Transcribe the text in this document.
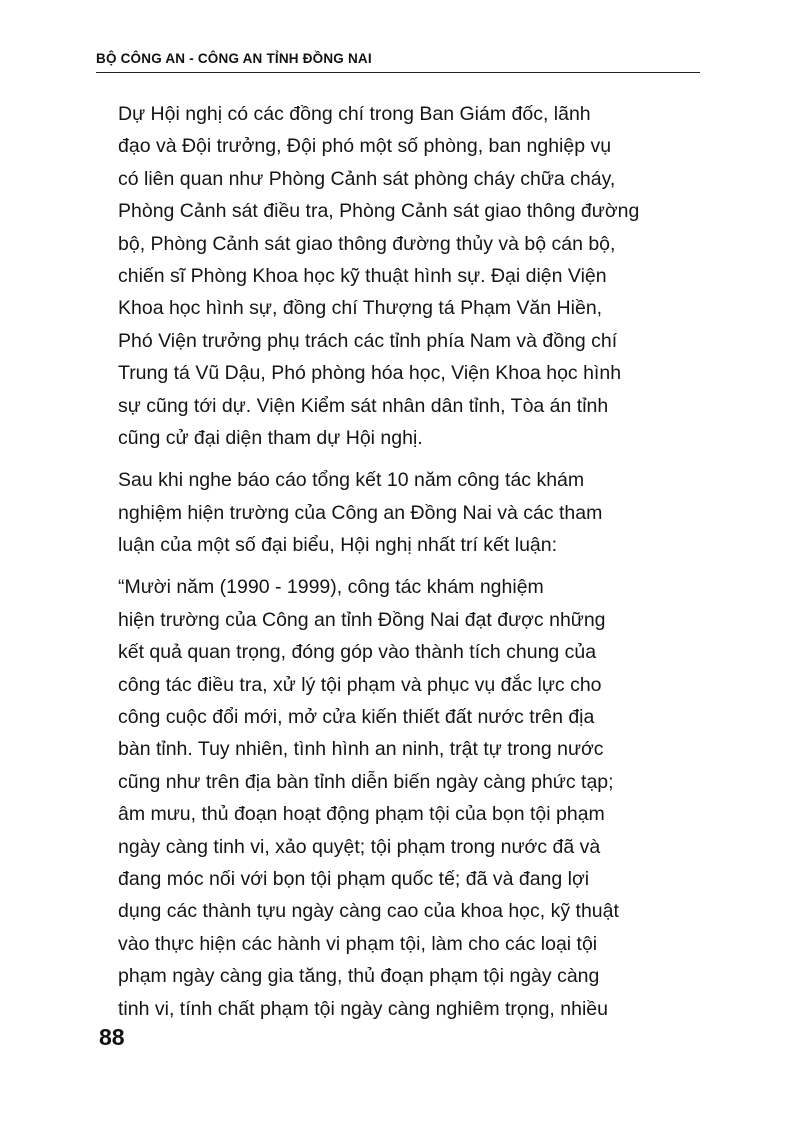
BỘ CÔNG AN - CÔNG AN TỈNH ĐỒNG NAI
Dự Hội nghị có các đồng chí trong Ban Giám đốc, lãnh
đạo và Đội trưởng, Đội phó một số phòng, ban nghiệp vụ
có liên quan như Phòng Cảnh sát phòng cháy chữa cháy,
Phòng Cảnh sát điều tra, Phòng Cảnh sát giao thông đường
bộ, Phòng Cảnh sát giao thông đường thủy và bộ cán bộ,
chiến sĩ Phòng Khoa học kỹ thuật hình sự. Đại diện Viện
Khoa học hình sự, đồng chí Thượng tá Phạm Văn Hiền,
Phó Viện trưởng phụ trách các tỉnh phía Nam và đồng chí
Trung tá Vũ Dậu, Phó phòng hóa học, Viện Khoa học hình
sự cũng tới dự. Viện Kiểm sát nhân dân tỉnh, Tòa án tỉnh
cũng cử đại diện tham dự Hội nghị.
Sau khi nghe báo cáo tổng kết 10 năm công tác khám
nghiệm hiện trường của Công an Đồng Nai và các tham
luận của một số đại biểu, Hội nghị nhất trí kết luận:
“Mười năm (1990 - 1999), công tác khám nghiệm
hiện trường của Công an tỉnh Đồng Nai đạt được những
kết quả quan trọng, đóng góp vào thành tích chung của
công tác điều tra, xử lý tội phạm và phục vụ đắc lực cho
công cuộc đổi mới, mở cửa kiến thiết đất nước trên địa
bàn tỉnh. Tuy nhiên, tình hình an ninh, trật tự trong nước
cũng như trên địa bàn tỉnh diễn biến ngày càng phức tạp;
âm mưu, thủ đoạn hoạt động phạm tội của bọn tội phạm
ngày càng tinh vi, xảo quyệt; tội phạm trong nước đã và
đang móc nối với bọn tội phạm quốc tế; đã và đang lợi
dụng các thành tựu ngày càng cao của khoa học, kỹ thuật
vào thực hiện các hành vi phạm tội, làm cho các loại tội
phạm ngày càng gia tăng, thủ đoạn phạm tội ngày càng
tinh vi, tính chất phạm tội ngày càng nghiêm trọng, nhiều
88
